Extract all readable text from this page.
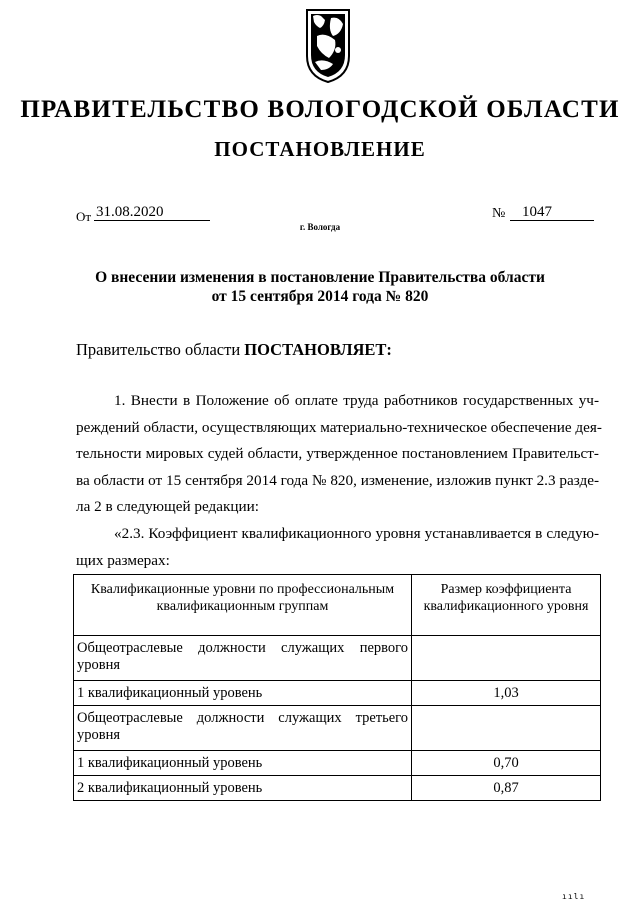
ПРАВИТЕЛЬСТВО ВОЛОГОДСКОЙ ОБЛАСТИ
ПОСТАНОВЛЕНИЕ
От 31.08.2020	№	1047
г. Вологда
О внесении изменения в постановление Правительства области
от 15 сентября 2014 года № 820
Правительство области ПОСТАНОВЛЯЕТ:
1. Внести в Положение об оплате труда работников государственных уч-
реждений области, осуществляющих материально-техническое обеспечение дея-
тельности мировых судей области, утвержденное постановлением Правительст-
ва области от 15 сентября 2014 года № 820, изменение, изложив пункт 2.3 разде-
ла 2 в следующей редакции:
«2.3. Коэффициент квалификационного уровня устанавливается в следую-
щих размерах:
Квалификационные уровни по профессиональным квалификационным группам	Размер коэффициента квалификационного уровня
Общеотраслевые должности служащих первого уровня	
1 квалификационный уровень	1,03
Общеотраслевые должности служащих третьего уровня	
1 квалификационный уровень	0,70
2 квалификационный уровень	0,87
ıılı
